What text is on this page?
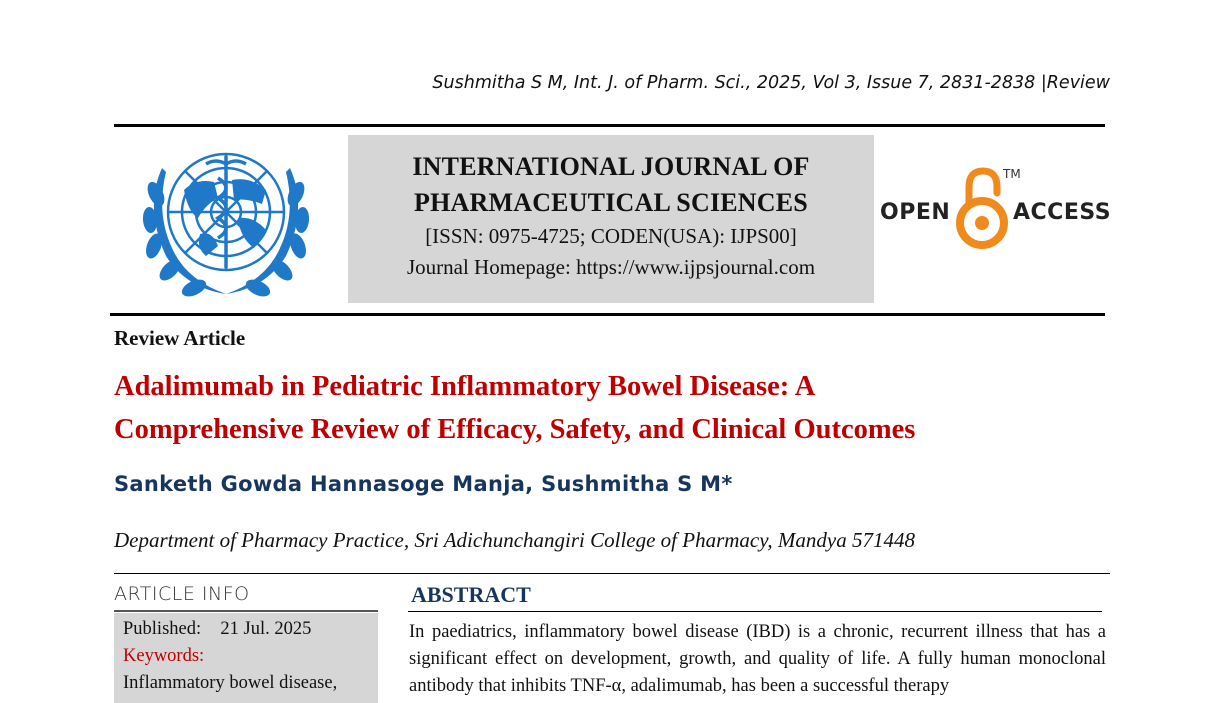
Sushmitha S M, Int. J. of Pharm. Sci., 2025, Vol 3, Issue 7, 2831-2838 |Review
INTERNATIONAL JOURNAL OF
PHARMACEUTICAL SCIENCES
[ISSN: 0975-4725; CODEN(USA): IJPS00]
Journal Homepage: https://www.ijpsjournal.com
OPEN
TM
ACCESS
Review Article
Adalimumab in Pediatric Inflammatory Bowel Disease: A
Comprehensive Review of Efficacy, Safety, and Clinical Outcomes
Sanketh Gowda Hannasoge Manja, Sushmitha S M*
Department of Pharmacy Practice, Sri Adichunchangiri College of Pharmacy, Mandya 571448
ARTICLE INFO
Published: 21 Jul. 2025
Keywords:
Inflammatory bowel disease,
ABSTRACT
In paediatrics, inflammatory bowel disease (IBD) is a chronic, recurrent illness that has a significant effect on development, growth, and quality of life. A fully human monoclonal antibody that inhibits TNF-α, adalimumab, has been a successful therapy
